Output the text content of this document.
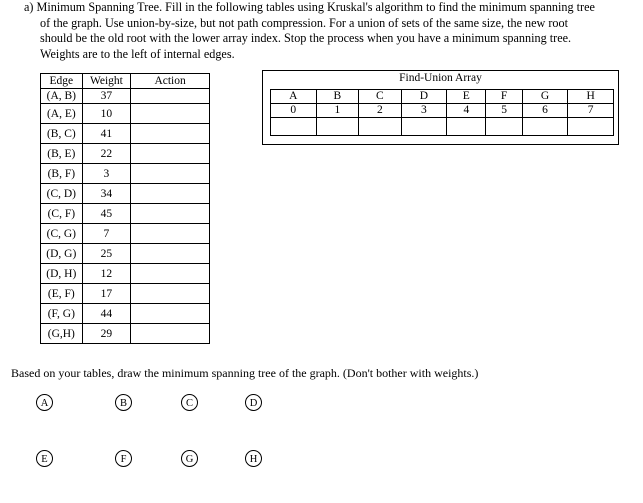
a) Minimum Spanning Tree. Fill in the following tables using Kruskal's algorithm to find the minimum spanning tree
of the graph. Use union-by-size, but not path compression. For a union of sets of the same size, the new root
should be the old root with the lower array index. Stop the process when you have a minimum spanning tree.
Weights are to the left of internal edges.
Edge	Weight	Action
(A, B)	37	
(A, E)	10	
(B, C)	41	
(B, E)	22	
(B, F)	3	
(C, D)	34	
(C, F)	45	
(C, G)	7	
(D, G)	25	
(D, H)	12	
(E, F)	17	
(F, G)	44	
(G,H)	29	
Find-Union Array
A	B	C	D	E	F	G	H
0	1	2	3	4	5	6	7

Based on your tables, draw the minimum spanning tree of the graph. (Don't bother with weights.)
A	B	C	D
E	F	G	H
